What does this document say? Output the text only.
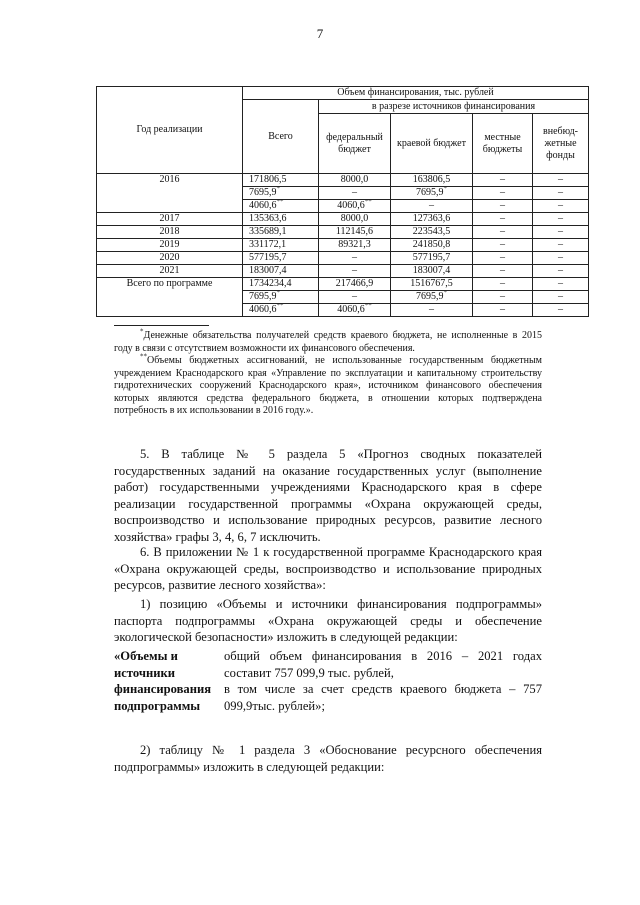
7
Год реализации	Объем финансирования, тыс. рублей				
	Всего	в разрезе источников финансирования			
		федеральный бюджет	краевой бюджет	местные бюджеты	внебюд-жетные фонды
2016	171806,5	8000,0	163806,5	–	–
	7695,9*	–	7695,9*	–	–
	4060,6**	4060,6**	–	–	–
2017	135363,6	8000,0	127363,6	–	–
2018	335689,1	112145,6	223543,5	–	–
2019	331172,1	89321,3	241850,8	–	–
2020	577195,7	–	577195,7	–	–
2021	183007,4	–	183007,4	–	–
Всего по программе	1734234,4	217466,9	1516767,5	–	–
	7695,9*	–	7695,9*	–	–
	4060,6**	4060,6**	–	–	–

*Денежные обязательства получателей средств краевого бюджета, не исполненные в 2015 году в связи с отсутствием возможности их финансового обеспечения.

**Объемы бюджетных ассигнований, не использованные государственным бюджетным учреждением Краснодарского края «Управление по эксплуатации и капитальному строительству гидротехнических сооружений Краснодарского края», источником финансового обеспечения которых являются средства федерального бюджета, в отношении которых подтверждена потребность в их использовании в 2016 году.».

5. В таблице № 5 раздела 5 «Прогноз сводных показателей государственных заданий на оказание государственных услуг (выполнение работ) государственными учреждениями Краснодарского края в сфере реализации государственной программы «Охрана окружающей среды, воспроизводство и использование природных ресурсов, развитие лесного хозяйства» графы 3, 4, 6, 7 исключить.

6. В приложении № 1 к государственной программе Краснодарского края «Охрана окружающей среды, воспроизводство и использование природных ресурсов, развитие лесного хозяйства»:

1) позицию «Объемы и источники финансирования подпрограммы» паспорта подпрограммы «Охрана окружающей среды и обеспечение экологической безопасности» изложить в следующей редакции:

«Объемы и источники финансирования подпрограммы

общий объем финансирования в 2016 – 2021 годах составит 757 099,9 тыс. рублей,

в том числе за счет средств краевого бюджета – 757 099,9тыс. рублей»;

2) таблицу № 1 раздела 3 «Обоснование ресурсного обеспечения подпрограммы» изложить в следующей редакции:
